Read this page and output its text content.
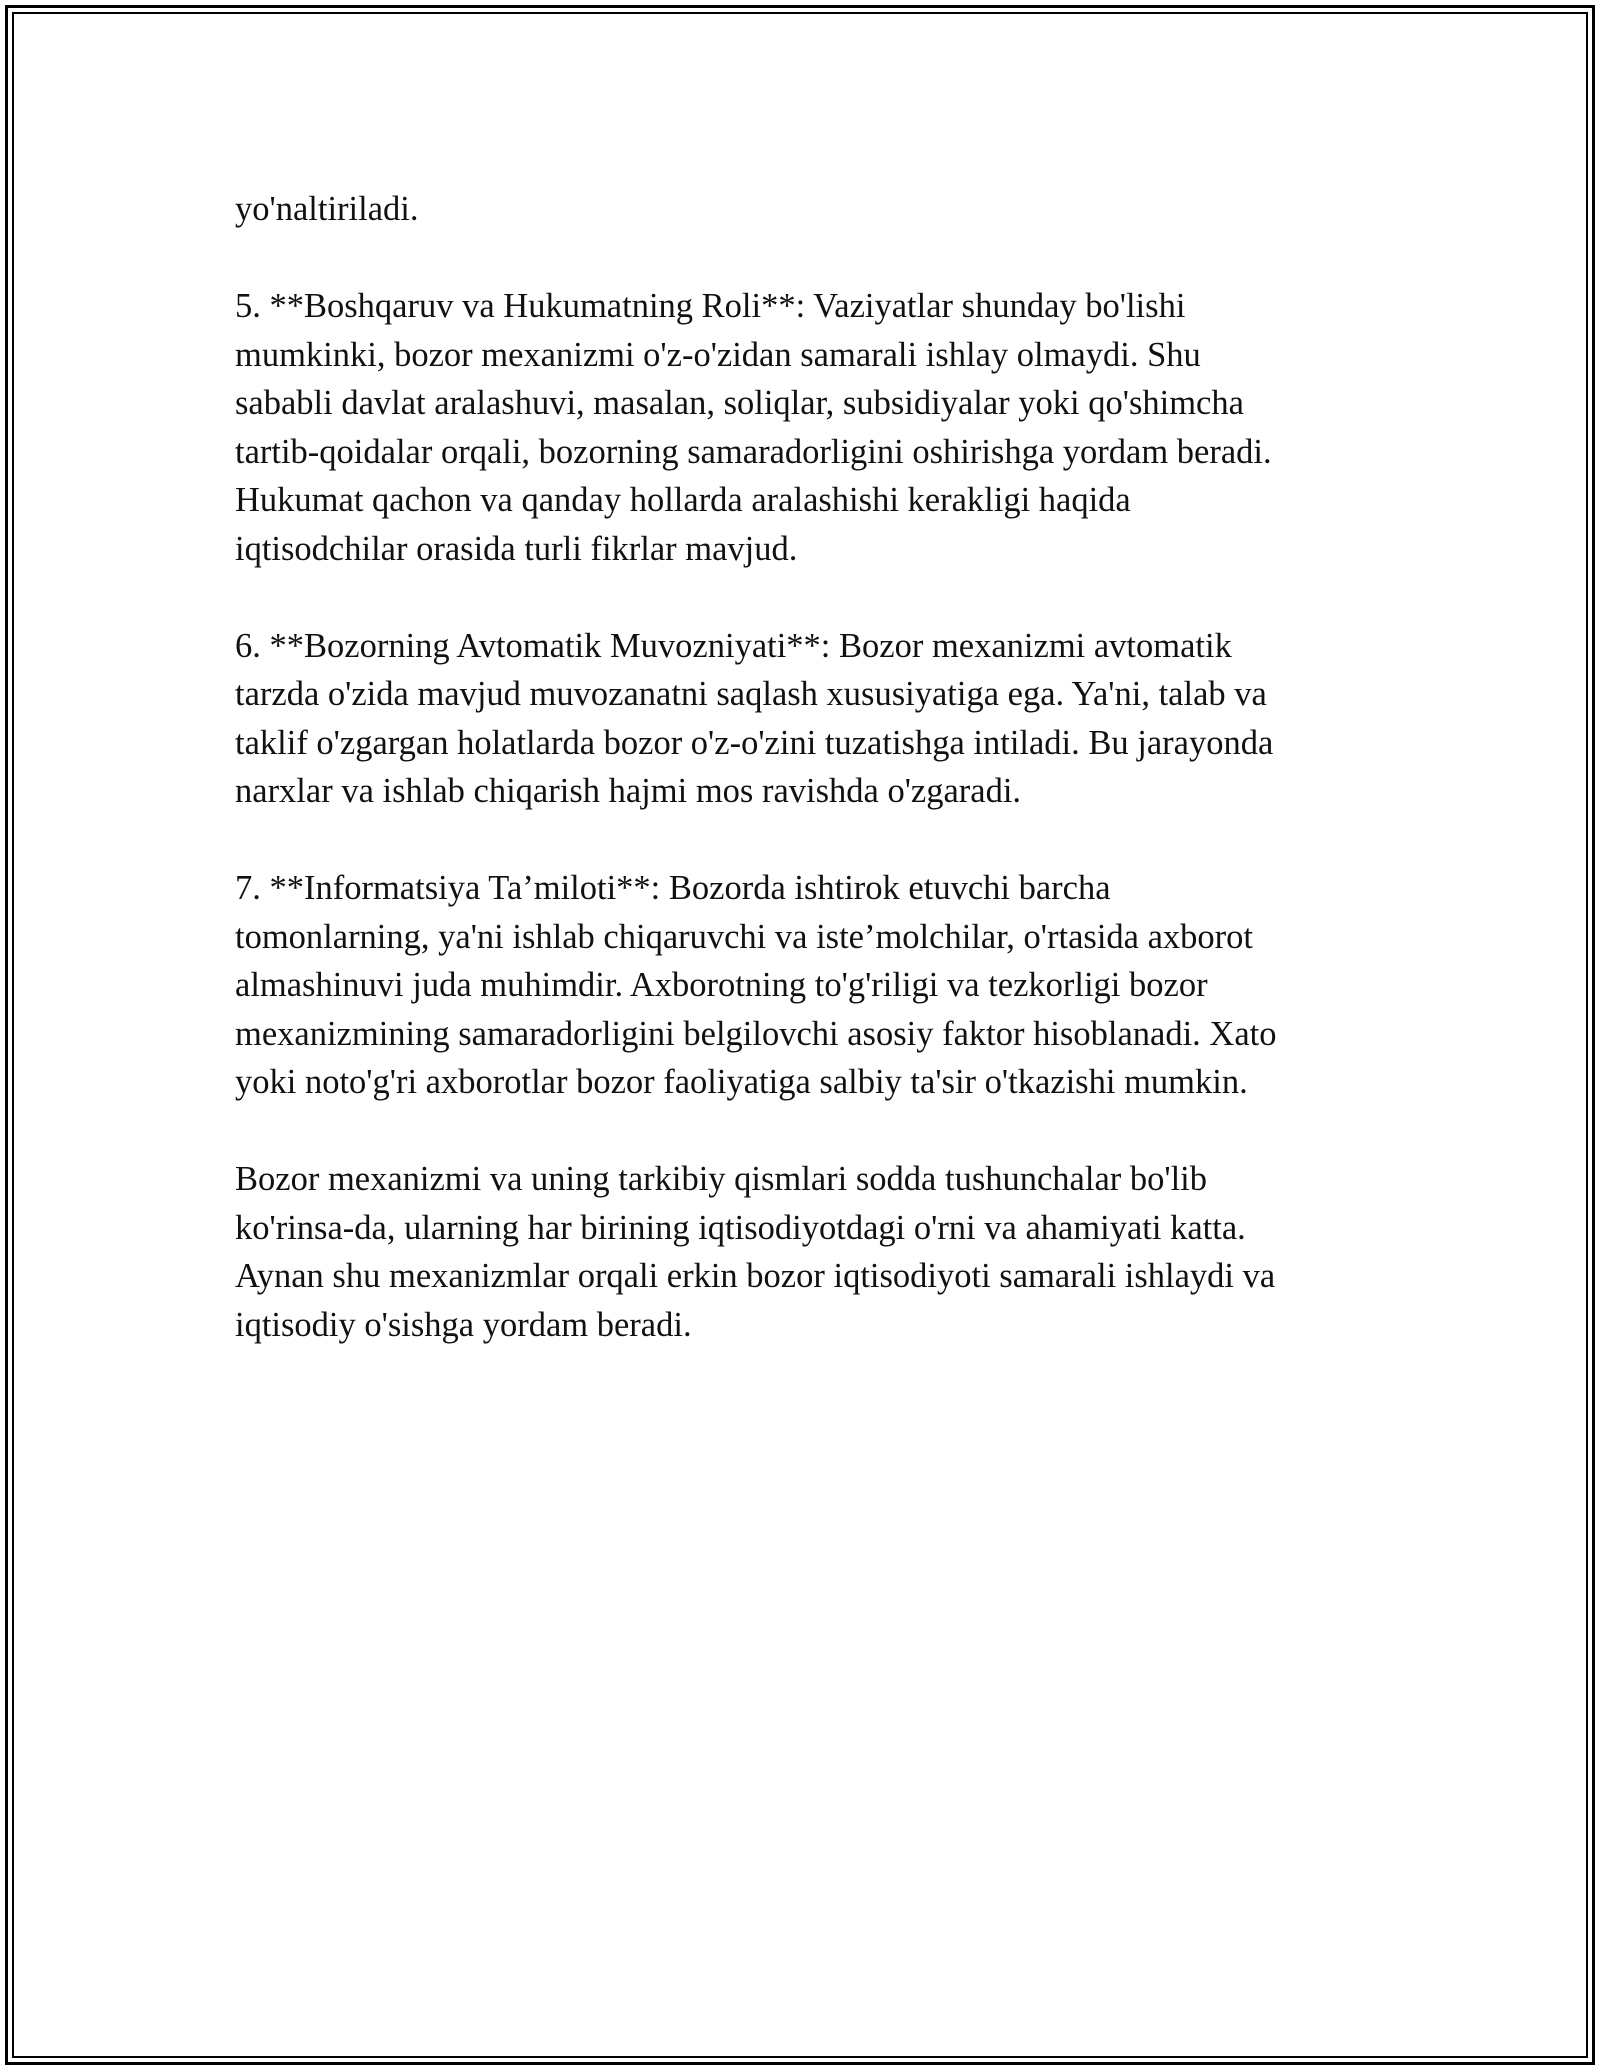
yo'naltiriladi.

5. **Boshqaruv va Hukumatning Roli**: Vaziyatlar shunday bo'lishi

mumkinki, bozor mexanizmi o'z-o'zidan samarali ishlay olmaydi. Shu

sababli davlat aralashuvi, masalan, soliqlar, subsidiyalar yoki qo'shimcha

tartib-qoidalar orqali, bozorning samaradorligini oshirishga yordam beradi.

Hukumat qachon va qanday hollarda aralashishi kerakligi haqida

iqtisodchilar orasida turli fikrlar mavjud.

6. **Bozorning Avtomatik Muvozniyati**: Bozor mexanizmi avtomatik

tarzda o'zida mavjud muvozanatni saqlash xususiyatiga ega. Ya'ni, talab va

taklif o'zgargan holatlarda bozor o'z-o'zini tuzatishga intiladi. Bu jarayonda

narxlar va ishlab chiqarish hajmi mos ravishda o'zgaradi.

7. **Informatsiya Ta’miloti**: Bozorda ishtirok etuvchi barcha

tomonlarning, ya'ni ishlab chiqaruvchi va iste’molchilar, o'rtasida axborot

almashinuvi juda muhimdir. Axborotning to'g'riligi va tezkorligi bozor

mexanizmining samaradorligini belgilovchi asosiy faktor hisoblanadi. Xato

yoki noto'g'ri axborotlar bozor faoliyatiga salbiy ta'sir o'tkazishi mumkin.

Bozor mexanizmi va uning tarkibiy qismlari sodda tushunchalar bo'lib

ko'rinsa-da, ularning har birining iqtisodiyotdagi o'rni va ahamiyati katta.

Aynan shu mexanizmlar orqali erkin bozor iqtisodiyoti samarali ishlaydi va

iqtisodiy o'sishga yordam beradi.
